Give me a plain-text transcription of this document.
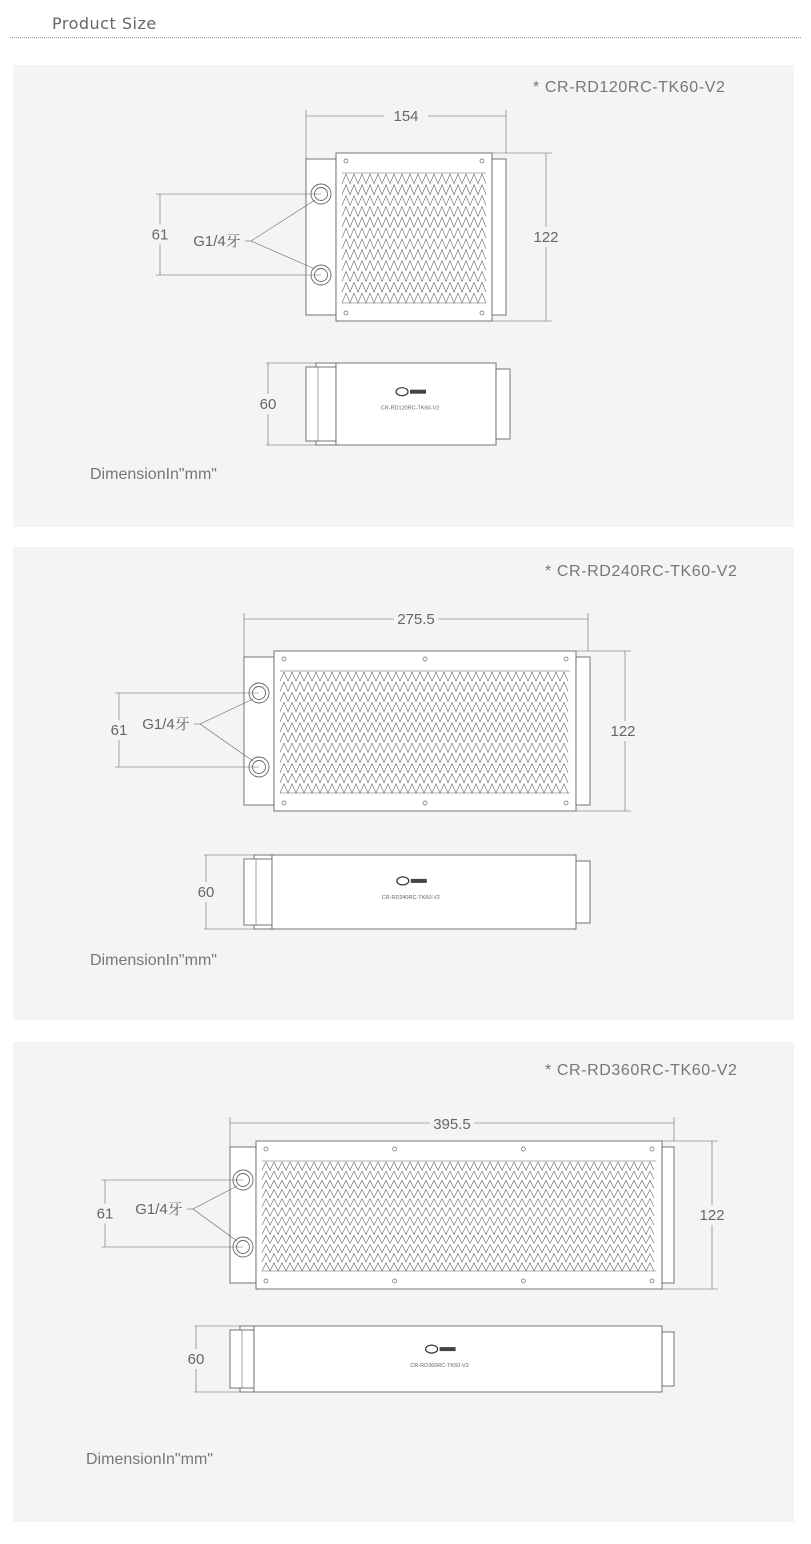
Product Size
* CR-RD120RC-TK60-V2
154
122
61 G1/4牙
CR-RD120RC-TK60-V2
60
DimensionIn"mm"
* CR-RD240RC-TK60-V2
275.5
122
61 G1/4牙
CR-RD240RC-TK60-V2
60
DimensionIn"mm"
* CR-RD360RC-TK60-V2
395.5
122
61 G1/4牙
CR-RD360RC-TK60-V2
60
DimensionIn"mm"
